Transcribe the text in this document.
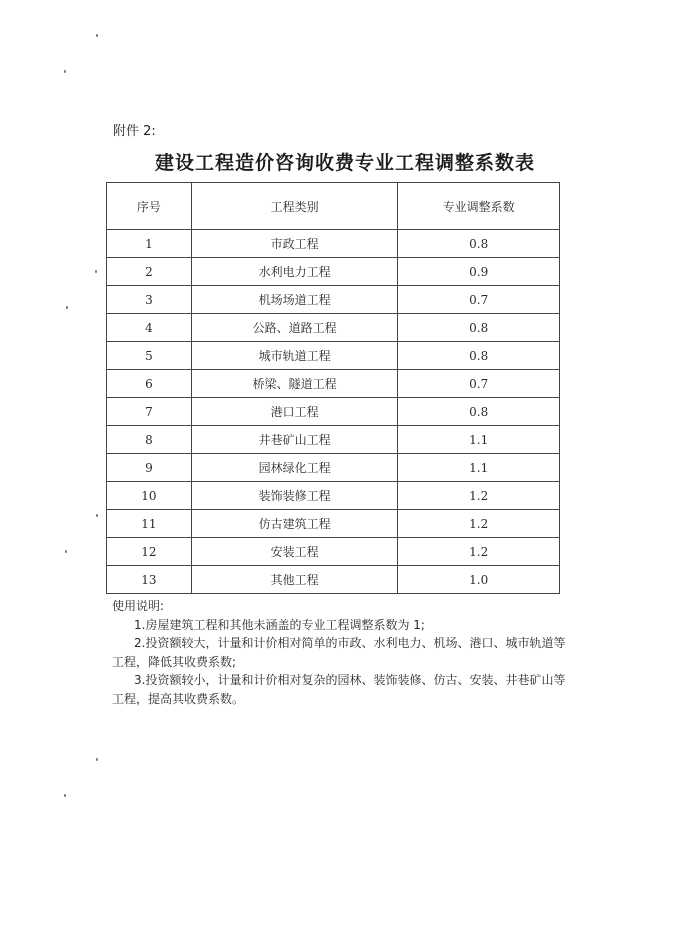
附件 2:
建设工程造价咨询收费专业工程调整系数表
序号	工程类别	专业调整系数
1	市政工程	0.8
2	水利电力工程	0.9
3	机场场道工程	0.7
4	公路、道路工程	0.8
5	城市轨道工程	0.8
6	桥梁、隧道工程	0.7
7	港口工程	0.8
8	井巷矿山工程	1.1
9	园林绿化工程	1.1
10	装饰装修工程	1.2
11	仿古建筑工程	1.2
12	安装工程	1.2
13	其他工程	1.0

使用说明:

1.房屋建筑工程和其他未涵盖的专业工程调整系数为 1;

2.投资额较大，计量和计价相对简单的市政、水利电力、机场、港口、城市轨道等工程，降低其收费系数;

3.投资额较小，计量和计价相对复杂的园林、装饰装修、仿古、安装、井巷矿山等工程，提高其收费系数。
